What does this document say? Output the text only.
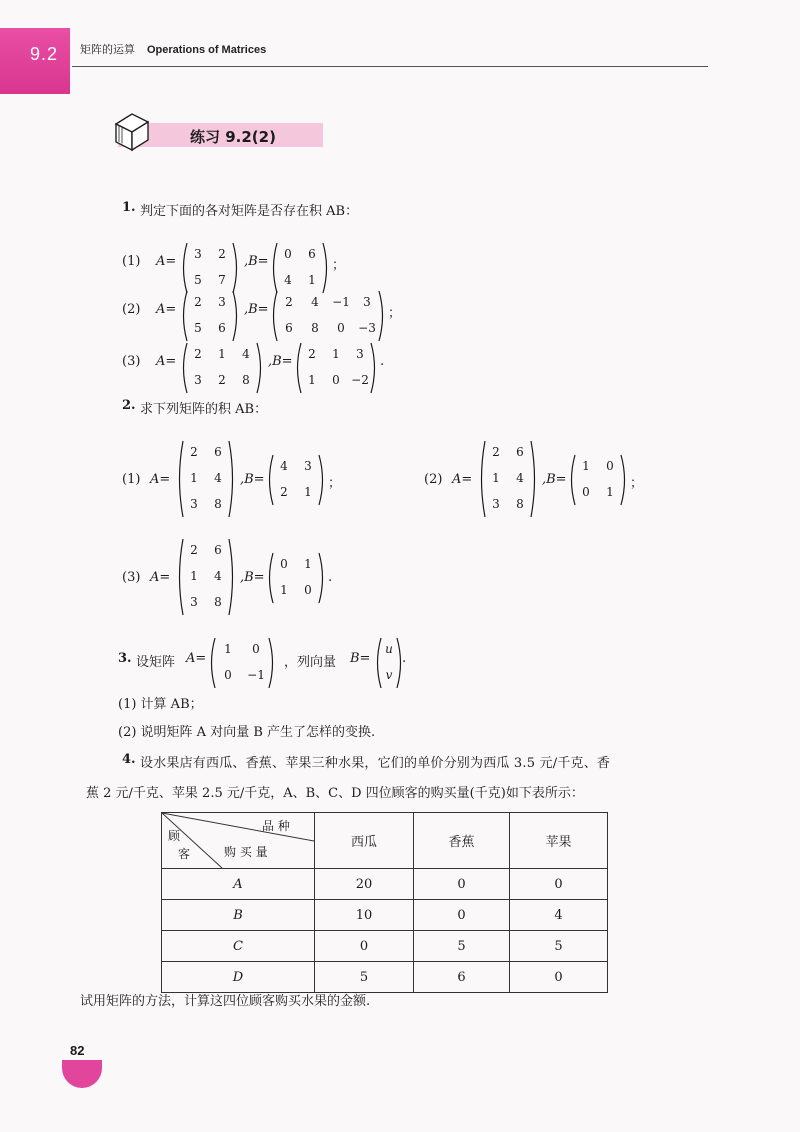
9.2 矩阵的运算 Operations of Matrices
练习 9.2(2)
1. 判定下面的各对矩阵是否存在积 AB：
(1) A=	3	2
5	7
,B=	0	6
4	1
；
(2) A=	2	3
5	6
,B=	2	4	−1	3
6	8	0	−3
；
(3) A=	2	1	4
3	2	8
,B=	2	1	3
1	0 −2
.
2. 求下列矩阵的积 AB：
(1) A=
2	6
1	4
3	8
,B=
4	3
2	1
；	(2) A=
2	6
1	4
3	8
,B=
1	0
0	1
；
(3) A=
2	6
1	4
3	8
,B=
0	1
1	0
.
3. 设矩阵 A=
1	0
0	−1
，列向量 B=
u
v
.
(1) 计算 AB；
(2) 说明矩阵 A 对向量 B 产生了怎样的变换.
4. 设水果店有西瓜、香蕉、苹果三种水果，它们的单价分别为西瓜 3.5 元/千克、香
蕉 2 元/千克、苹果 2.5 元/千克，A、B、C、D 四位顾客的购买量(千克)如下表所示：
品 种
购 买 量
顾
客	西瓜	香蕉	苹果
A	20	0	0
B	10	0	4
C	0	5	5
D	5	6	0
试用矩阵的方法，计算这四位顾客购买水果的金额.
82
